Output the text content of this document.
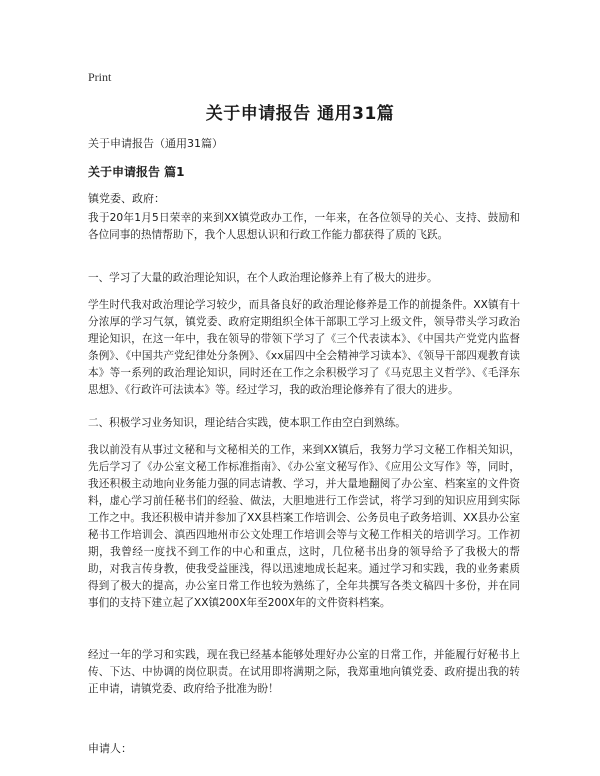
Print
关于申请报告 通用31篇
关于申请报告（通用31篇）
关于申请报告 篇1
镇党委、政府：

我于20年1月5日荣幸的来到XX镇党政办工作，一年来，在各位领导的关心、支持、鼓励和各位同事的热情帮助下，我个人思想认识和行政工作能力都获得了质的飞跃。

一、学习了大量的政治理论知识，在个人政治理论修养上有了极大的进步。

学生时代我对政治理论学习较少，而具备良好的政治理论修养是工作的前提条件。XX镇有十分浓厚的学习气氛，镇党委、政府定期组织全体干部职工学习上级文件，领导带头学习政治理论知识，在这一年中，我在领导的带领下学习了《三个代表读本》、《中国共产党党内监督条例》、《中国共产党纪律处分条例》、《xx届四中全会精神学习读本》、《领导干部四观教育读本》等一系列的政治理论知识，同时还在工作之余积极学习了《马克思主义哲学》、《毛泽东思想》、《行政许可法读本》等。经过学习，我的政治理论修养有了很大的进步。

二、积极学习业务知识，理论结合实践，使本职工作由空白到熟练。

我以前没有从事过文秘和与文秘相关的工作，来到XX镇后，我努力学习文秘工作相关知识，先后学习了《办公室文秘工作标准指南》、《办公室文秘写作》、《应用公文写作》等，同时，我还积极主动地向业务能力强的同志请教、学习，并大量地翻阅了办公室、档案室的文件资料，虚心学习前任秘书们的经验、做法，大胆地进行工作尝试，将学习到的知识应用到实际工作之中。我还积极申请并参加了XX县档案工作培训会、公务员电子政务培训、XX县办公室秘书工作培训会、滇西四地州市公文处理工作培训会等与文秘工作相关的培训学习。工作初期，我曾经一度找不到工作的中心和重点，这时，几位秘书出身的领导给予了我极大的帮助，对我言传身教，使我受益匪浅，得以迅速地成长起来。通过学习和实践，我的业务素质得到了极大的提高，办公室日常工作也较为熟练了，全年共撰写各类文稿四十多份，并在同事们的支持下建立起了XX镇200X年至200X年的文件资料档案。

经过一年的学习和实践，现在我已经基本能够处理好办公室的日常工作，并能履行好秘书上传、下达、中协调的岗位职责。在试用即将满期之际，我郑重地向镇党委、政府提出我的转正申请，请镇党委、政府给予批准为盼！

申请人：
